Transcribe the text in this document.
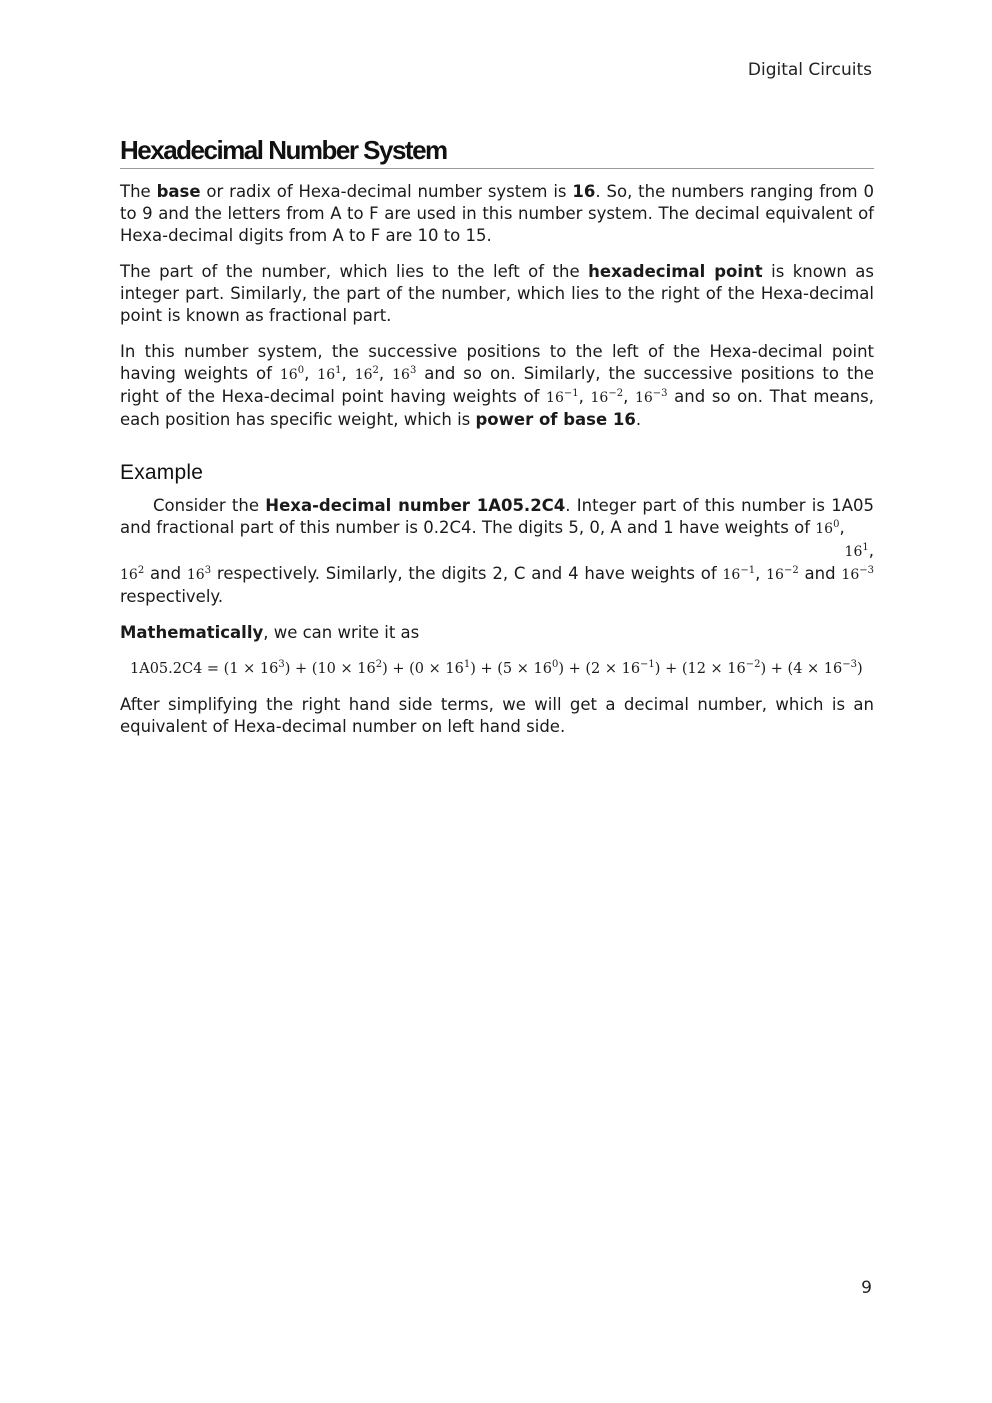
Digital Circuits
Hexadecimal Number System

The base or radix of Hexa-decimal number system is 16. So, the numbers ranging from 0 to 9 and the letters from A to F are used in this number system. The decimal equivalent of Hexa-decimal digits from A to F are 10 to 15.

The part of the number, which lies to the left of the hexadecimal point is known as integer part. Similarly, the part of the number, which lies to the right of the Hexa-decimal point is known as fractional part.

In this number system, the successive positions to the left of the Hexa-decimal point having weights of $16^0$, $16^1$, $16^2$, $16^3$ and so on. Similarly, the successive positions to the right of the Hexa-decimal point having weights of $16^{-1}$, $16^{-2}$, $16^{-3}$ and so on. That means, each position has specific weight, which is power of base 16.

Example

Consider the Hexa-decimal number 1A05.2C4. Integer part of this number is 1A05 and fractional part of this number is 0.2C4. The digits 5, 0, A and 1 have weights of $16^0$,
$16^1$,
$16^2$ and $16^3$ respectively. Similarly, the digits 2, C and 4 have weights of $16^{-1}$, $16^{-2}$ and $16^{-3}$ respectively.

Mathematically, we can write it as

$1A05.2C4 = (1 \times 16^3) + (10 \times 16^2) + (0 \times 16^1) + (5 \times 16^0) + (2 \times 16^{-1}) + (12 \times 16^{-2}) + (4 \times 16^{-3})$

After simplifying the right hand side terms, we will get a decimal number, which is an equivalent of Hexa-decimal number on left hand side.

9
